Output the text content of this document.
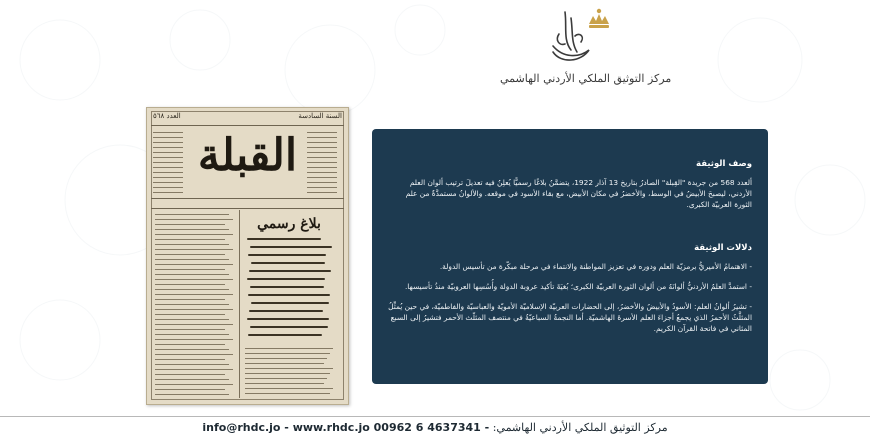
مركز التوثيق الملكي الأردني الهاشمي
العدد ٥٦٨	السنة السادسة
القبلة
بلاغ رسمي
وصف الوثيقة

ألعدد 568 من جريدة "القِبلة" الصادرُ بتاريخ 13 آذار 1922، يتضمَّنُ بلاغًا رسميًّا يُعلِنُ فيه تعديلَ ترتيب ألوان العلم الأردني، ليصبحَ الأبيضُ في الوسط، والأخضرُ في مكان الأبيض، مع بقاء الأسود في موقعه. والألوانُ مستمدَّةٌ من علم الثورة العربيّة الكبرى.

دلالات الوثيقة
- الاهتمامُ الأميريُّ برمزيّة العلم ودوره في تعزيز المواطنة والانتماء في مرحلة مبكّرة من تأسيس الدولة.
- استمدَّ العلمُ الأردنيُّ ألوانَهُ من ألوان الثورة العربيّة الكبرى؛ بُغيَةَ تأكيد عروبة الدولة وأُسُسِها العروبيّة منذُ تأسيسها.
- تشيرُ ألوانُ العلم: الأسودُ والأبيضُ والأخضرُ، إلى الحضارات العربيّة الإسلاميّة الأمويّة والعباسيّة والفاطميّة، في حين يُمثِّلُ المثلَّثُ الأحمرُ الذي يجمعُ أجزاءَ العلم الأسرةَ الهاشميّة. أما النجمةُ السباعيّةُ في منتصف المثلّث الأحمر فتشيرُ إلى السبع المثاني في فاتحة القرآن الكريم.
مركز التوثيق الملكي الأردني الهاشمي: info@rhdc.jo - www.rhdc.jo 00962 6 4637341 -
